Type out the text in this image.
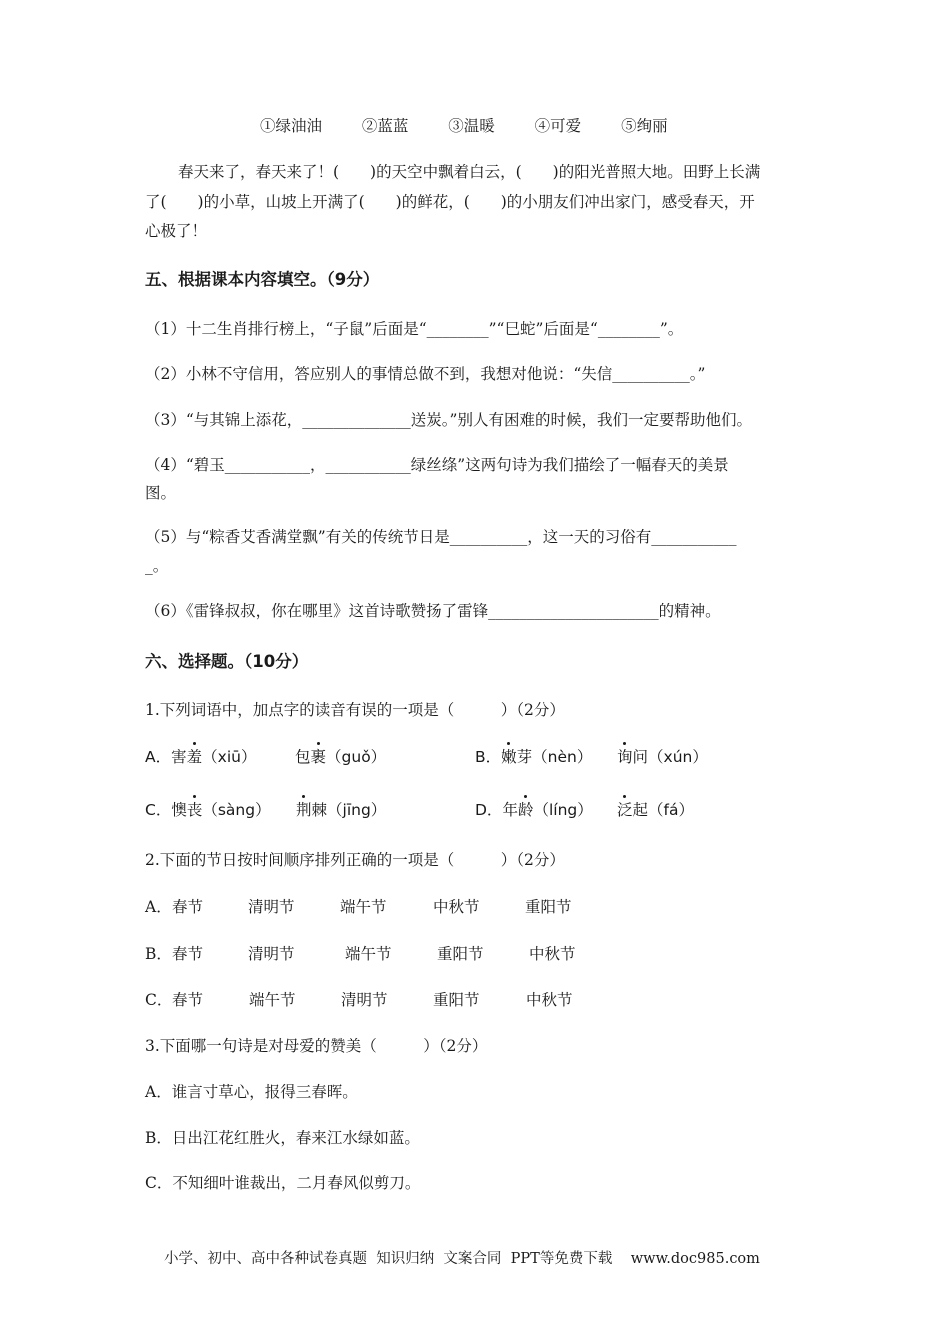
①绿油油	②蓝蓝	③温暖	④可爱	⑤绚丽
春天来了，春天来了！(　　)的天空中飘着白云，(　　)的阳光普照大地。田野上长满
了(　　)的小草，山坡上开满了(　　)的鲜花，(　　)的小朋友们冲出家门，感受春天，开
心极了！
五、根据课本内容填空。（9分）
（1）十二生肖排行榜上，“子鼠”后面是“________”“巳蛇”后面是“________”。
（2）小林不守信用，答应别人的事情总做不到，我想对他说：“失信__________。”
（3）“与其锦上添花，______________送炭。”别人有困难的时候，我们一定要帮助他们。
（4）“碧玉___________，___________绿丝绦”这两句诗为我们描绘了一幅春天的美景
图。
（5）与“粽香艾香满堂飘”有关的传统节日是__________，这一天的习俗有___________
_。
（6）《雷锋叔叔，你在哪里》这首诗歌赞扬了雷锋______________________的精神。
六、选择题。（10分）
1.下列词语中，加点字的读音有误的一项是（　　　）（2分）
A．害羞（xiū） 包裹（guǒ）	B．嫩芽（nèn） 询问（xún）
C．懊丧（sàng） 荆棘（jīng）	D．年龄（líng） 泛起（fá）
2.下面的节日按时间顺序排列正确的一项是（　　　）（2分）
A． 春节	清明节	端午节	中秋节	重阳节
B． 春节	清明节	端午节	重阳节	中秋节
C． 春节	端午节	清明节	重阳节	中秋节
3.下面哪一句诗是对母爱的赞美（　　　）（2分）
A．谁言寸草心，报得三春晖。
B．日出江花红胜火，春来江水绿如蓝。
C．不知细叶谁裁出，二月春风似剪刀。
小学、初中、高中各种试卷真题  知识归纳  文案合同  PPT等免费下载    www.doc985.com
